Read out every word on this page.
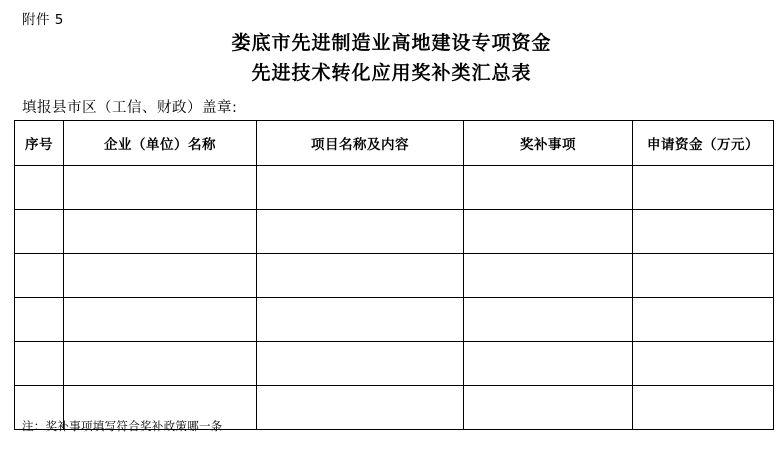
附件 5
娄底市先进制造业高地建设专项资金
先进技术转化应用奖补类汇总表
填报县市区（工信、财政）盖章:
序号	企业（单位）名称	项目名称及内容	奖补事项	申请资金（万元）

注：奖补事项填写符合奖补政策哪一条
